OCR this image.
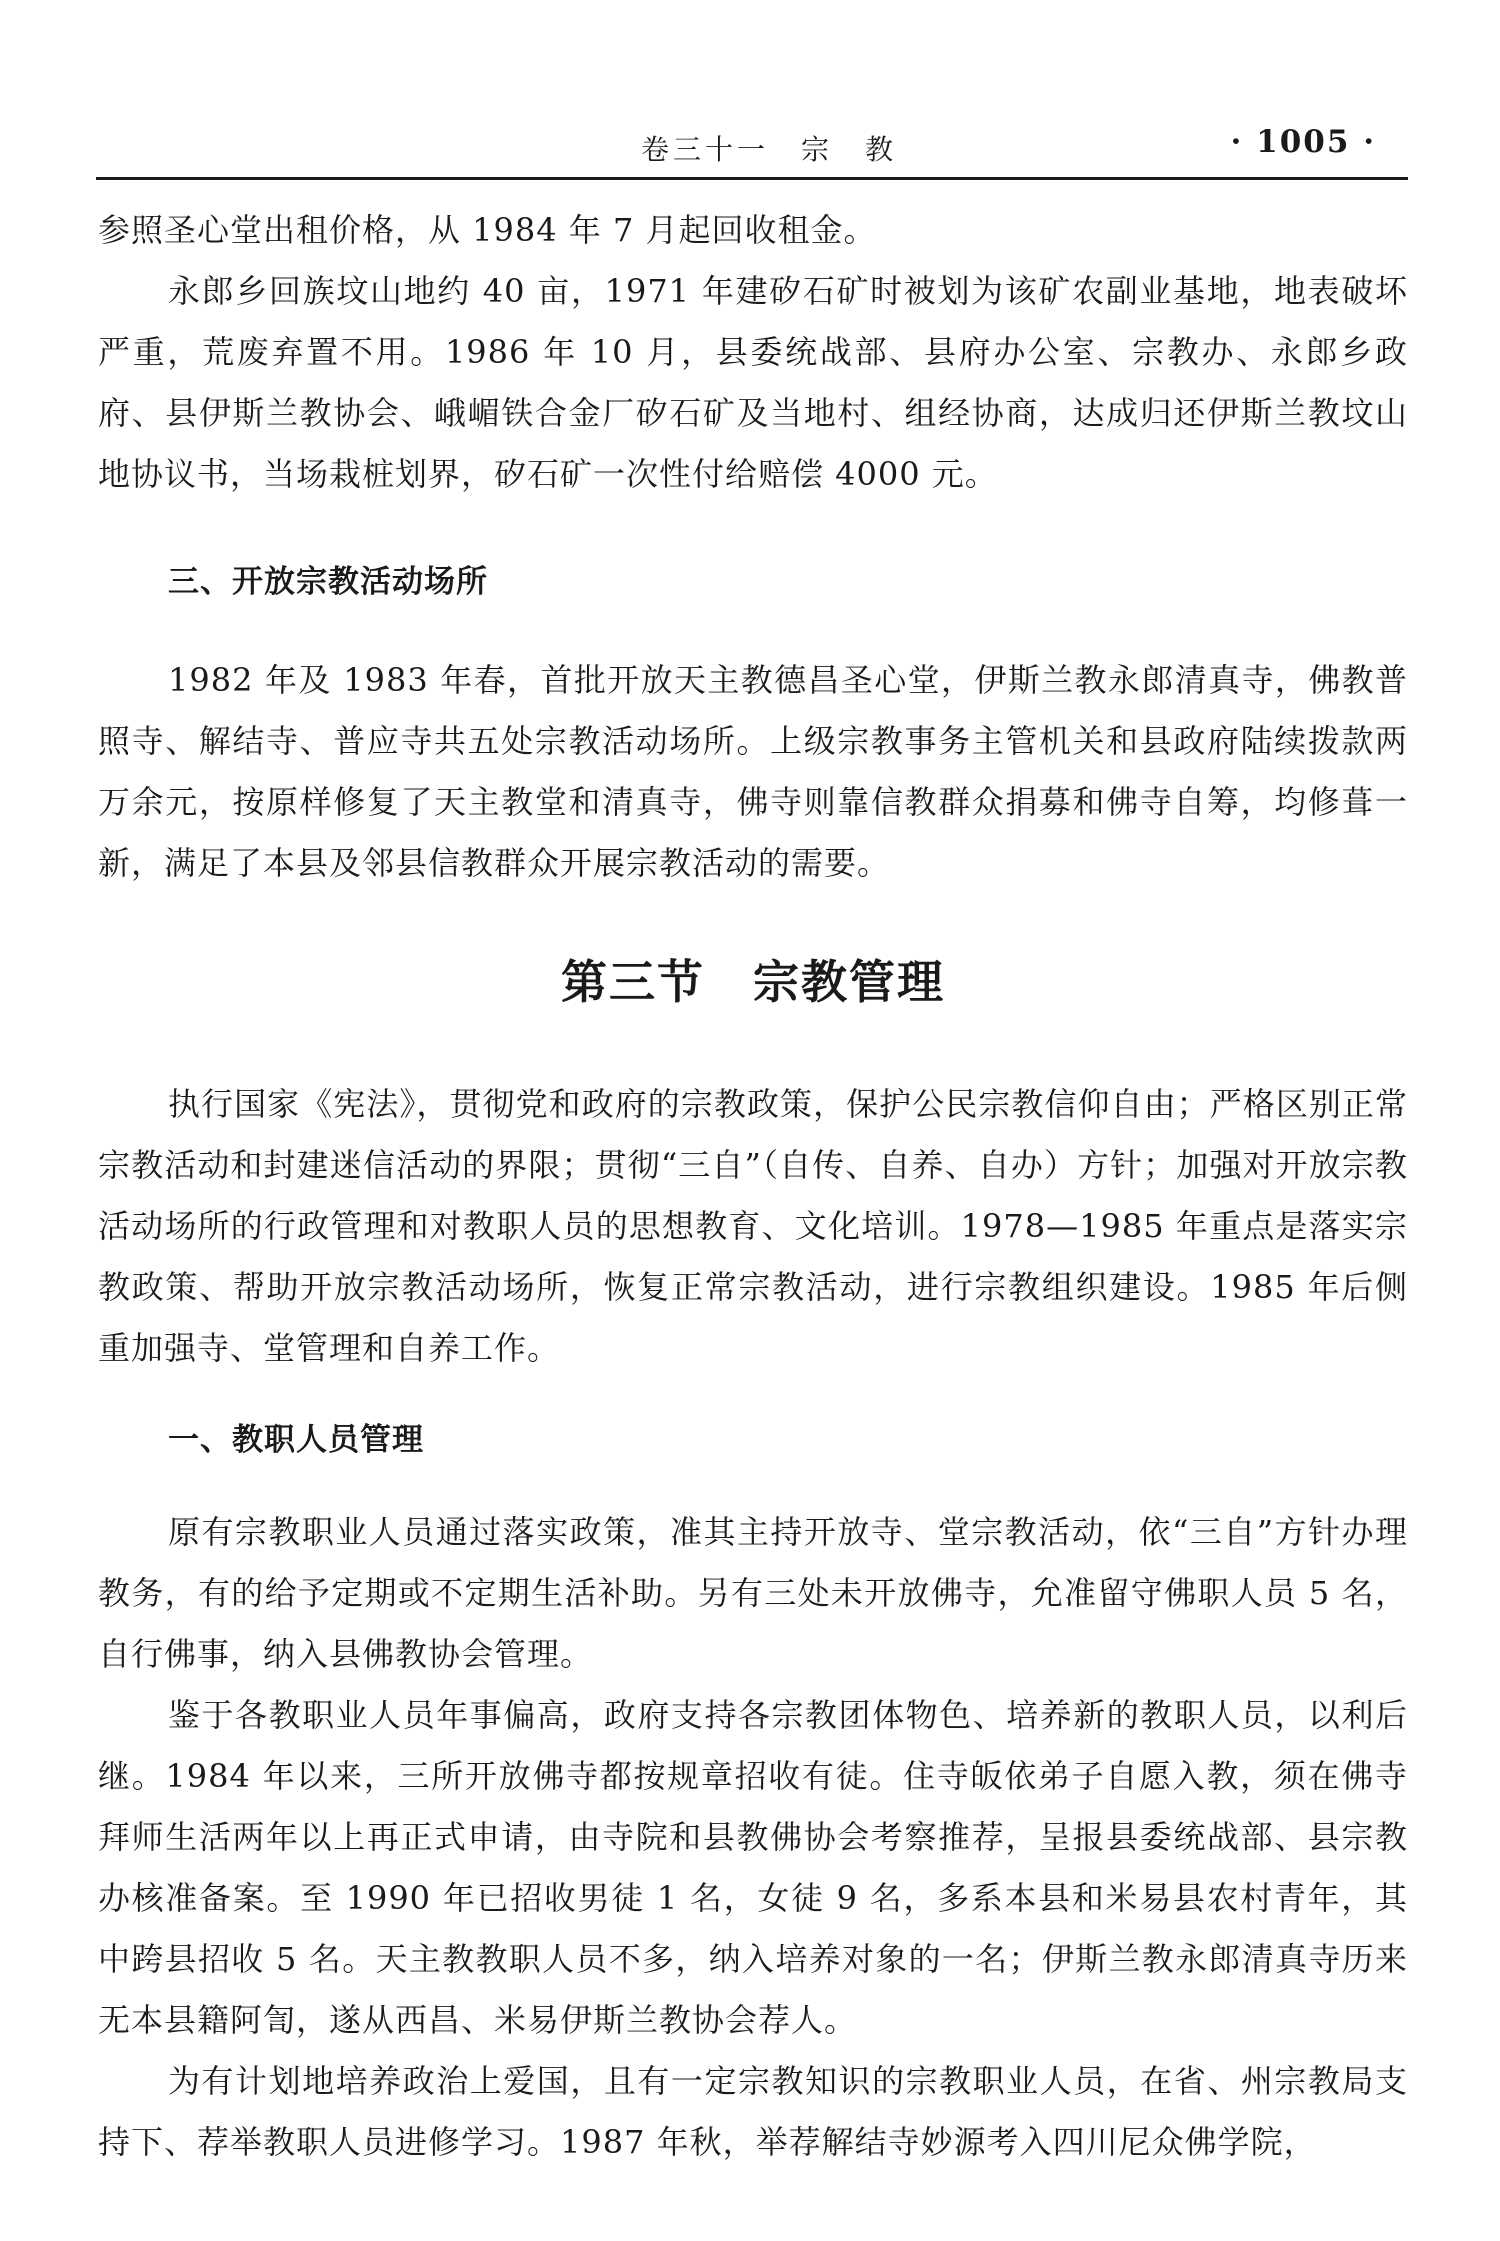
卷三十一　宗　教	· 1005 ·

参照圣心堂出租价格，从 1984 年 7 月起回收租金。

永郎乡回族坟山地约 40 亩，1971 年建矽石矿时被划为该矿农副业基地，地表破坏严重，荒废弃置不用。1986 年 10 月，县委统战部、县府办公室、宗教办、永郎乡政府、县伊斯兰教协会、峨嵋铁合金厂矽石矿及当地村、组经协商，达成归还伊斯兰教坟山地协议书，当场栽桩划界，矽石矿一次性付给赔偿 4000 元。

三、开放宗教活动场所

1982 年及 1983 年春，首批开放天主教德昌圣心堂，伊斯兰教永郎清真寺，佛教普照寺、解结寺、普应寺共五处宗教活动场所。上级宗教事务主管机关和县政府陆续拨款两万余元，按原样修复了天主教堂和清真寺，佛寺则靠信教群众捐募和佛寺自筹，均修葺一新，满足了本县及邻县信教群众开展宗教活动的需要。

第三节　宗教管理

执行国家《宪法》，贯彻党和政府的宗教政策，保护公民宗教信仰自由；严格区别正常宗教活动和封建迷信活动的界限；贯彻“三自”（自传、自养、自办）方针；加强对开放宗教活动场所的行政管理和对教职人员的思想教育、文化培训。1978—1985 年重点是落实宗教政策、帮助开放宗教活动场所，恢复正常宗教活动，进行宗教组织建设。1985 年后侧重加强寺、堂管理和自养工作。

一、教职人员管理

原有宗教职业人员通过落实政策，准其主持开放寺、堂宗教活动，依“三自”方针办理教务，有的给予定期或不定期生活补助。另有三处未开放佛寺，允准留守佛职人员 5 名，自行佛事，纳入县佛教协会管理。

鉴于各教职业人员年事偏高，政府支持各宗教团体物色、培养新的教职人员，以利后继。1984 年以来，三所开放佛寺都按规章招收有徒。住寺皈依弟子自愿入教，须在佛寺拜师生活两年以上再正式申请，由寺院和县教佛协会考察推荐，呈报县委统战部、县宗教办核准备案。至 1990 年已招收男徒 1 名，女徒 9 名，多系本县和米易县农村青年，其中跨县招收 5 名。天主教教职人员不多，纳入培养对象的一名；伊斯兰教永郎清真寺历来无本县籍阿訇，遂从西昌、米易伊斯兰教协会荐人。

为有计划地培养政治上爱国，且有一定宗教知识的宗教职业人员，在省、州宗教局支持下、荐举教职人员进修学习。1987 年秋，举荐解结寺妙源考入四川尼众佛学院，
